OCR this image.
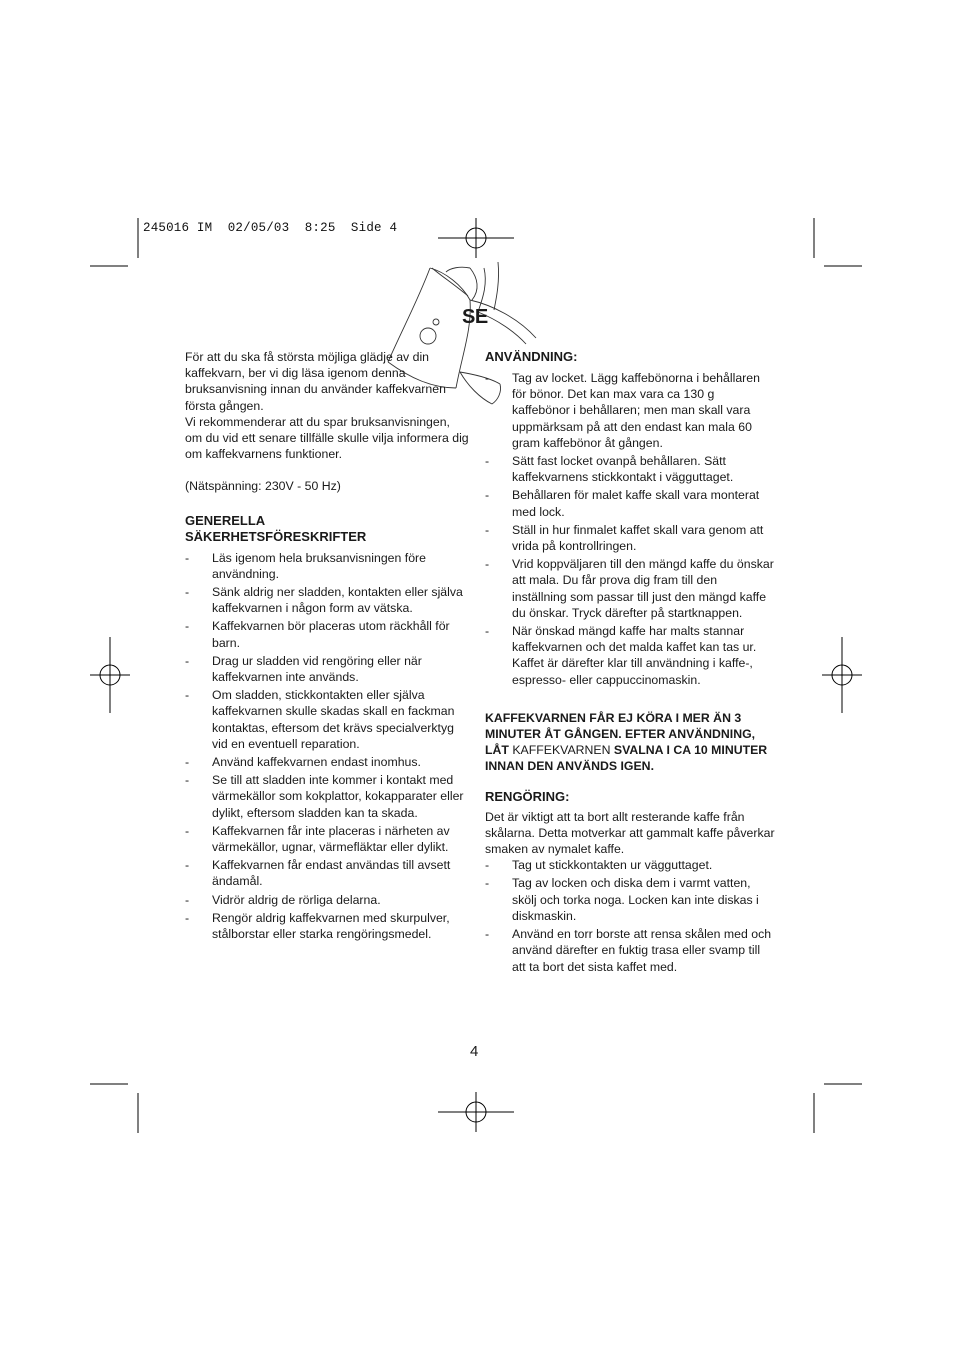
245016 IM  02/05/03  8:25  Side 4
SE

För att du ska få största möjliga glädje av din kaffekvarn, ber vi dig läsa igenom denna bruksanvisning innan du använder kaffekvarnen första gången.

Vi rekommenderar att du spar bruksanvisningen, om du vid ett senare tillfälle skulle vilja informera dig om kaffekvarnens funktioner.

(Nätspänning: 230V - 50 Hz)

GENERELLA
SÄKERHETSFÖRESKRIFTER
- Läs igenom hela bruksanvisningen före användning.
- Sänk aldrig ner sladden, kontakten eller själva kaffekvarnen i någon form av vätska.
- Kaffekvarnen bör placeras utom räckhåll för barn.
- Drag ur sladden vid rengöring eller när kaffekvarnen inte används.
- Om sladden, stickkontakten eller själva kaffekvarnen skulle skadas skall en fackman kontaktas, eftersom det krävs specialverktyg vid en eventuell reparation.
- Använd kaffekvarnen endast inomhus.
- Se till att sladden inte kommer i kontakt med värmekällor som kokplattor, kokapparater eller dylikt, eftersom sladden kan ta skada.
- Kaffekvarnen får inte placeras i närheten av värmekällor, ugnar, värmefläktar eller dylikt.
- Kaffekvarnen får endast användas till avsett ändamål.
- Vidrör aldrig de rörliga delarna.
- Rengör aldrig kaffekvarnen med skurpulver, stålborstar eller starka rengöringsmedel.
ANVÄNDNING:
- Tag av locket. Lägg kaffebönorna i behållaren för bönor. Det kan max vara ca 130 g kaffebönor i behållaren; men man skall vara uppmärksam på att den endast kan mala 60 gram kaffebönor åt gången.
- Sätt fast locket ovanpå behållaren. Sätt kaffekvarnens stickkontakt i vägguttaget.
- Behållaren för malet kaffe skall vara monterat med lock.
- Ställ in hur finmalet kaffet skall vara genom att vrida på kontrollringen.
- Vrid koppväljaren till den mängd kaffe du önskar att mala. Du får prova dig fram till den inställning som passar till just den mängd kaffe du önskar. Tryck därefter på startknappen.
- När önskad mängd kaffe har malts stannar kaffekvarnen och det malda kaffet kan tas ur. Kaffet är därefter klar till användning i kaffe-, espresso- eller cappuccinomaskin.

KAFFEKVARNEN FÅR EJ KÖRA I MER ÄN 3 MINUTER ÅT GÅNGEN. EFTER ANVÄNDNING, LÅT KAFFEKVARNEN SVALNA I CA 10 MINUTER INNAN DEN ANVÄNDS IGEN.

RENGÖRING:

Det är viktigt att ta bort allt resterande kaffe från skålarna. Detta motverkar att gammalt kaffe påverkar smaken av nymalet kaffe.

- Tag ut stickkontakten ur vägguttaget.
- Tag av locken och diska dem i varmt vatten, skölj och torka noga. Locken kan inte diskas i diskmaskin.
- Använd en torr borste att rensa skålen med och använd därefter en fuktig trasa eller svamp till att ta bort det sista kaffet med.
4
